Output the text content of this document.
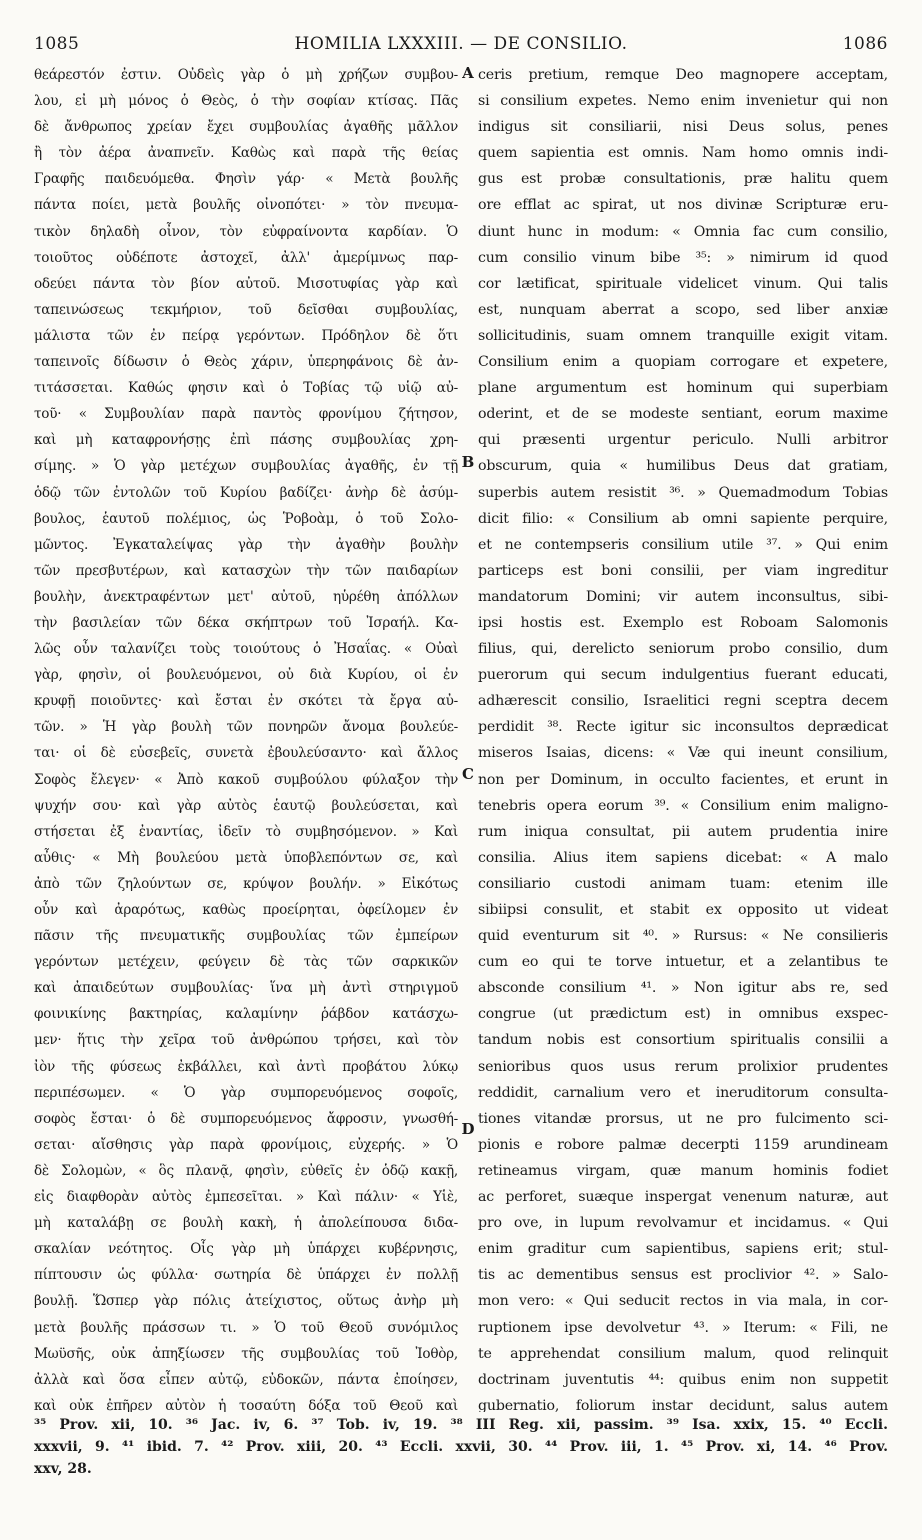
1085	HOMILIA LXXXIII. — DE CONSILIO.	1086
θεάρεστόν ἐστιν. Οὐδεὶς γὰρ ὁ μὴ χρήζων συμβου-
λου, εἰ μὴ μόνος ὁ Θεὸς, ὁ τὴν σοφίαν κτίσας. Πᾶς
δὲ ἄνθρωπος χρείαν ἔχει συμβουλίας ἀγαθῆς μᾶλλον
ἢ τὸν ἀέρα ἀναπνεῖν. Καθὼς καὶ παρὰ τῆς θείας
Γραφῆς παιδευόμεθα. Φησὶν γάρ· « Μετὰ βουλῆς
πάντα ποίει, μετὰ βουλῆς οἰνοπότει· » τὸν πνευμα-
τικὸν δηλαδὴ οἶνον, τὸν εὐφραίνοντα καρδίαν. Ὁ
τοιοῦτος οὐδέποτε ἀστοχεῖ, ἀλλ' ἀμερίμνως παρ-
οδεύει πάντα τὸν βίον αὐτοῦ. Μισοτυφίας γὰρ καὶ
ταπεινώσεως τεκμήριον, τοῦ δεῖσθαι συμβουλίας,
μάλιστα τῶν ἐν πείρᾳ γερόντων. Πρόδηλον δὲ ὅτι
ταπεινοῖς δίδωσιν ὁ Θεὸς χάριν, ὑπερηφάνοις δὲ ἀν-
τιτάσσεται. Καθώς φησιν καὶ ὁ Τοβίας τῷ υἱῷ αὐ-
τοῦ· « Συμβουλίαν παρὰ παντὸς φρονίμου ζήτησον,
καὶ μὴ καταφρονήσῃς ἐπὶ πάσης συμβουλίας χρη-
σίμης. » Ὁ γὰρ μετέχων συμβουλίας ἀγαθῆς, ἐν τῇ
ὁδῷ τῶν ἐντολῶν τοῦ Κυρίου βαδίζει· ἀνὴρ δὲ ἀσύμ-
βουλος, ἑαυτοῦ πολέμιος, ὡς Ῥοβοὰμ, ὁ τοῦ Σολο-
μῶντος. Ἐγκαταλείψας γὰρ τὴν ἀγαθὴν βουλὴν
τῶν πρεσβυτέρων, καὶ κατασχὼν τὴν τῶν παιδαρίων
βουλὴν, ἀνεκτραφέντων μετ' αὐτοῦ, ηὑρέθη ἀπόλλων
τὴν βασιλείαν τῶν δέκα σκήπτρων τοῦ Ἰσραήλ. Κα-
λῶς οὖν ταλανίζει τοὺς τοιούτους ὁ Ἠσαΐας. « Οὐαὶ
γὰρ, φησὶν, οἱ βουλευόμενοι, οὐ διὰ Κυρίου, οἱ ἐν
κρυφῇ ποιοῦντες· καὶ ἔσται ἐν σκότει τὰ ἔργα αὐ-
τῶν. » Ἡ γὰρ βουλὴ τῶν πονηρῶν ἄνομα βουλεύε-
ται· οἱ δὲ εὐσεβεῖς, συνετὰ ἐβουλεύσαντο· καὶ ἄλλος
Σοφὸς ἔλεγεν· « Ἀπὸ κακοῦ συμβούλου φύλαξον τὴν
ψυχήν σου· καὶ γὰρ αὐτὸς ἑαυτῷ βουλεύσεται, καὶ
στήσεται ἐξ ἐναντίας, ἰδεῖν τὸ συμβησόμενον. » Καὶ
αὖθις· « Μὴ βουλεύου μετὰ ὑποβλεπόντων σε, καὶ
ἀπὸ τῶν ζηλούντων σε, κρύψον βουλήν. » Εἰκότως
οὖν καὶ ἀραρότως, καθὼς προείρηται, ὀφείλομεν ἐν
πᾶσιν τῆς πνευματικῆς συμβουλίας τῶν ἐμπείρων
γερόντων μετέχειν, φεύγειν δὲ τὰς τῶν σαρκικῶν
καὶ ἀπαιδεύτων συμβουλίας· ἵνα μὴ ἀντὶ στηριγμοῦ
φοινικίνης βακτηρίας, καλαμίνην ῥάβδον κατάσχω-
μεν· ἥτις τὴν χεῖρα τοῦ ἀνθρώπου τρήσει, καὶ τὸν
ἰὸν τῆς φύσεως ἐκβάλλει, καὶ ἀντὶ προβάτου λύκῳ
περιπέσωμεν. « Ὁ γὰρ συμπορευόμενος σοφοῖς,
σοφὸς ἔσται· ὁ δὲ συμπορευόμενος ἄφροσιν, γνωσθή-
σεται· αἴσθησις γὰρ παρὰ φρονίμοις, εὐχερής. » Ὁ
δὲ Σολομὼν, « ὃς πλανᾷ, φησὶν, εὐθεῖς ἐν ὁδῷ κακῇ,
εἰς διαφθορὰν αὐτὸς ἐμπεσεῖται. » Καὶ πάλιν· « Υἱὲ,
μὴ καταλάβῃ σε βουλὴ κακὴ, ἡ ἀπολείπουσα διδα-
σκαλίαν νεότητος. Οἷς γὰρ μὴ ὑπάρχει κυβέρνησις,
πίπτουσιν ὡς φύλλα· σωτηρία δὲ ὑπάρχει ἐν πολλῇ
βουλῇ. Ὥσπερ γὰρ πόλις ἀτείχιστος, οὕτως ἀνὴρ μὴ
μετὰ βουλῆς πράσσων τι. » Ὁ τοῦ Θεοῦ συνόμιλος
Μωϋσῆς, οὐκ ἀπηξίωσεν τῆς συμβουλίας τοῦ Ἰοθὸρ,
ἀλλὰ καὶ ὅσα εἶπεν αὐτῷ, εὐδοκῶν, πάντα ἐποίησεν,
καὶ οὐκ ἐπῆρεν αὐτὸν ἡ τοσαύτη δόξα τοῦ Θεοῦ καὶ
ceris pretium, remque Deo magnopere acceptam,
si consilium expetes. Nemo enim invenietur qui non
indigus sit consiliarii, nisi Deus solus, penes
quem sapientia est omnis. Nam homo omnis indi-
gus est probæ consultationis, præ halitu quem
ore efflat ac spirat, ut nos divinæ Scripturæ eru-
diunt hunc in modum: « Omnia fac cum consilio,
cum consilio vinum bibe ³⁵: » nimirum id quod
cor lætificat, spirituale videlicet vinum. Qui talis
est, nunquam aberrat a scopo, sed liber anxiæ
sollicitudinis, suam omnem tranquille exigit vitam.
Consilium enim a quopiam corrogare et expetere,
plane argumentum est hominum qui superbiam
oderint, et de se modeste sentiant, eorum maxime
qui præsenti urgentur periculo. Nulli arbitror
obscurum, quia « humilibus Deus dat gratiam,
superbis autem resistit ³⁶. » Quemadmodum Tobias
dicit filio: « Consilium ab omni sapiente perquire,
et ne contempseris consilium utile ³⁷. » Qui enim
particeps est boni consilii, per viam ingreditur
mandatorum Domini; vir autem inconsultus, sibi-
ipsi hostis est. Exemplo est Roboam Salomonis
filius, qui, derelicto seniorum probo consilio, dum
puerorum qui secum indulgentius fuerant educati,
adhærescit consilio, Israelitici regni sceptra decem
perdidit ³⁸. Recte igitur sic inconsultos deprædicat
miseros Isaias, dicens: « Væ qui ineunt consilium,
non per Dominum, in occulto facientes, et erunt in
tenebris opera eorum ³⁹. « Consilium enim maligno-
rum iniqua consultat, pii autem prudentia inire
consilia. Alius item sapiens dicebat: « A malo
consiliario custodi animam tuam: etenim ille
sibiipsi consulit, et stabit ex opposito ut videat
quid eventurum sit ⁴⁰. » Rursus: « Ne consilieris
cum eo qui te torve intuetur, et a zelantibus te
absconde consilium ⁴¹. » Non igitur abs re, sed
congrue (ut prædictum est) in omnibus exspec-
tandum nobis est consortium spiritualis consilii a
senioribus quos usus rerum prolixior prudentes
reddidit, carnalium vero et ineruditorum consulta-
tiones vitandæ prorsus, ut ne pro fulcimento sci-
pionis e robore palmæ decerpti 1159 arundineam
retineamus virgam, quæ manum hominis fodiet
ac perforet, suæque inspergat venenum naturæ, aut
pro ove, in lupum revolvamur et incidamus. « Qui
enim graditur cum sapientibus, sapiens erit; stul-
tis ac dementibus sensus est proclivior ⁴². » Salo-
mon vero: « Qui seducit rectos in via mala, in cor-
ruptionem ipse devolvetur ⁴³. » Iterum: « Fili, ne
te apprehendat consilium malum, quod relinquit
doctrinam juventutis ⁴⁴: quibus enim non suppetit
gubernatio, foliorum instar decidunt, salus autem
A
B
C
D
³⁵ Prov. xii, 10. ³⁶ Jac. iv, 6. ³⁷ Tob. iv, 19. ³⁸ III Reg. xii, passim. ³⁹ Isa. xxix, 15. ⁴⁰ Eccli.
xxxvii, 9. ⁴¹ ibid. 7. ⁴² Prov. xiii, 20. ⁴³ Eccli. xxvii, 30. ⁴⁴ Prov. iii, 1. ⁴⁵ Prov. xi, 14. ⁴⁶ Prov.
xxv, 28.
